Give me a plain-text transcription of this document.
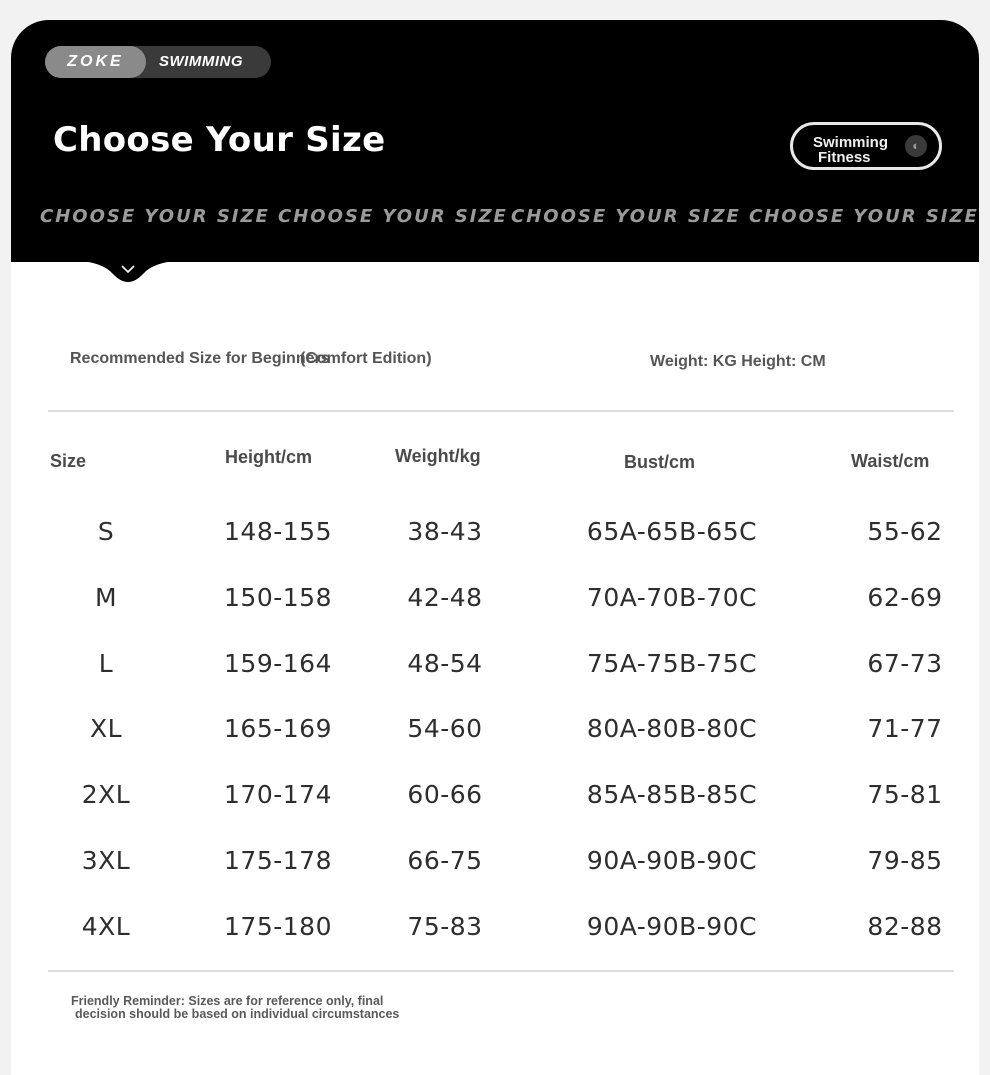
ZOKE	SWIMMING
Choose Your Size	Swimming
Fitness
◐
CHOOSE YOUR SIZE CHOOSE YOUR SIZE CHOOSE YOUR SIZE CHOOSE YOUR SIZE
Recommended Size for Beginners
(Comfort Edition)	Weight: KG Height: CM
Size	Height/cm	Weight/kg	Bust/cm	Waist/cm
S	148-155	38-43	65A-65B-65C	55-62
M	150-158	42-48	70A-70B-70C	62-69
L	159-164	48-54	75A-75B-75C	67-73
XL	165-169	54-60	80A-80B-80C	71-77
2XL	170-174	60-66	85A-85B-85C	75-81
3XL	175-178	66-75	90A-90B-90C	79-85
4XL	175-180	75-83	90A-90B-90C	82-88
Friendly Reminder: Sizes are for reference only, final
decision should be based on individual circumstances
